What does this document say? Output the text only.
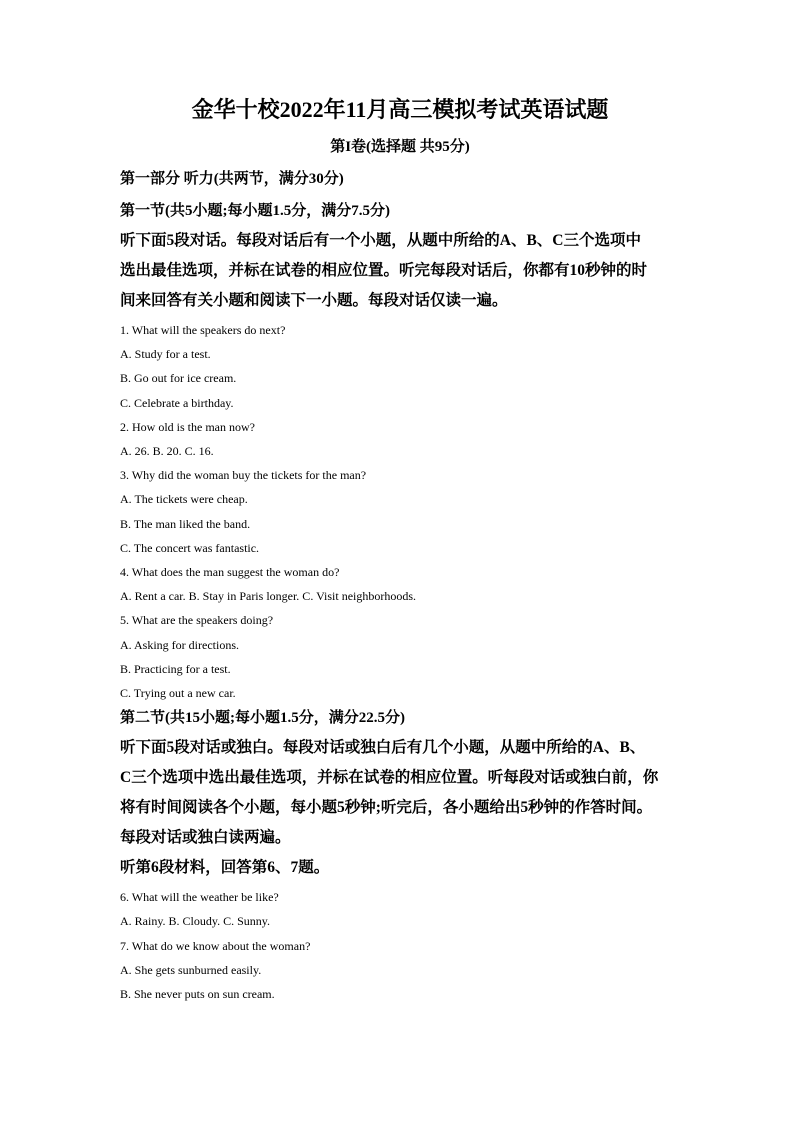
金华十校2022年11月高三模拟考试英语试题
第I卷(选择题 共95分)
第一部分 听力(共两节，满分30分)
第一节(共5小题;每小题1.5分，满分7.5分)
听下面5段对话。每段对话后有一个小题，从题中所给的A、B、C三个选项中
选出最佳选项，并标在试卷的相应位置。听完每段对话后，你都有10秒钟的时
间来回答有关小题和阅读下一小题。每段对话仅读一遍。
1. What will the speakers do next?
A. Study for a test.
B. Go out for ice cream.
C. Celebrate a birthday.
2. How old is the man now?
A. 26. B. 20. C. 16.
3. Why did the woman buy the tickets for the man?
A. The tickets were cheap.
B. The man liked the band.
C. The concert was fantastic.
4. What does the man suggest the woman do?
A. Rent a car. B. Stay in Paris longer. C. Visit neighborhoods.
5. What are the speakers doing?
A. Asking for directions.
B. Practicing for a test.
C. Trying out a new car.
第二节(共15小题;每小题1.5分，满分22.5分)
听下面5段对话或独白。每段对话或独白后有几个小题，从题中所给的A、B、
C三个选项中选出最佳选项，并标在试卷的相应位置。听每段对话或独白前，你
将有时间阅读各个小题，每小题5秒钟;听完后，各小题给出5秒钟的作答时间。
每段对话或独白读两遍。
听第6段材料，回答第6、7题。
6. What will the weather be like?
A. Rainy. B. Cloudy. C. Sunny.
7. What do we know about the woman?
A. She gets sunburned easily.
B. She never puts on sun cream.
